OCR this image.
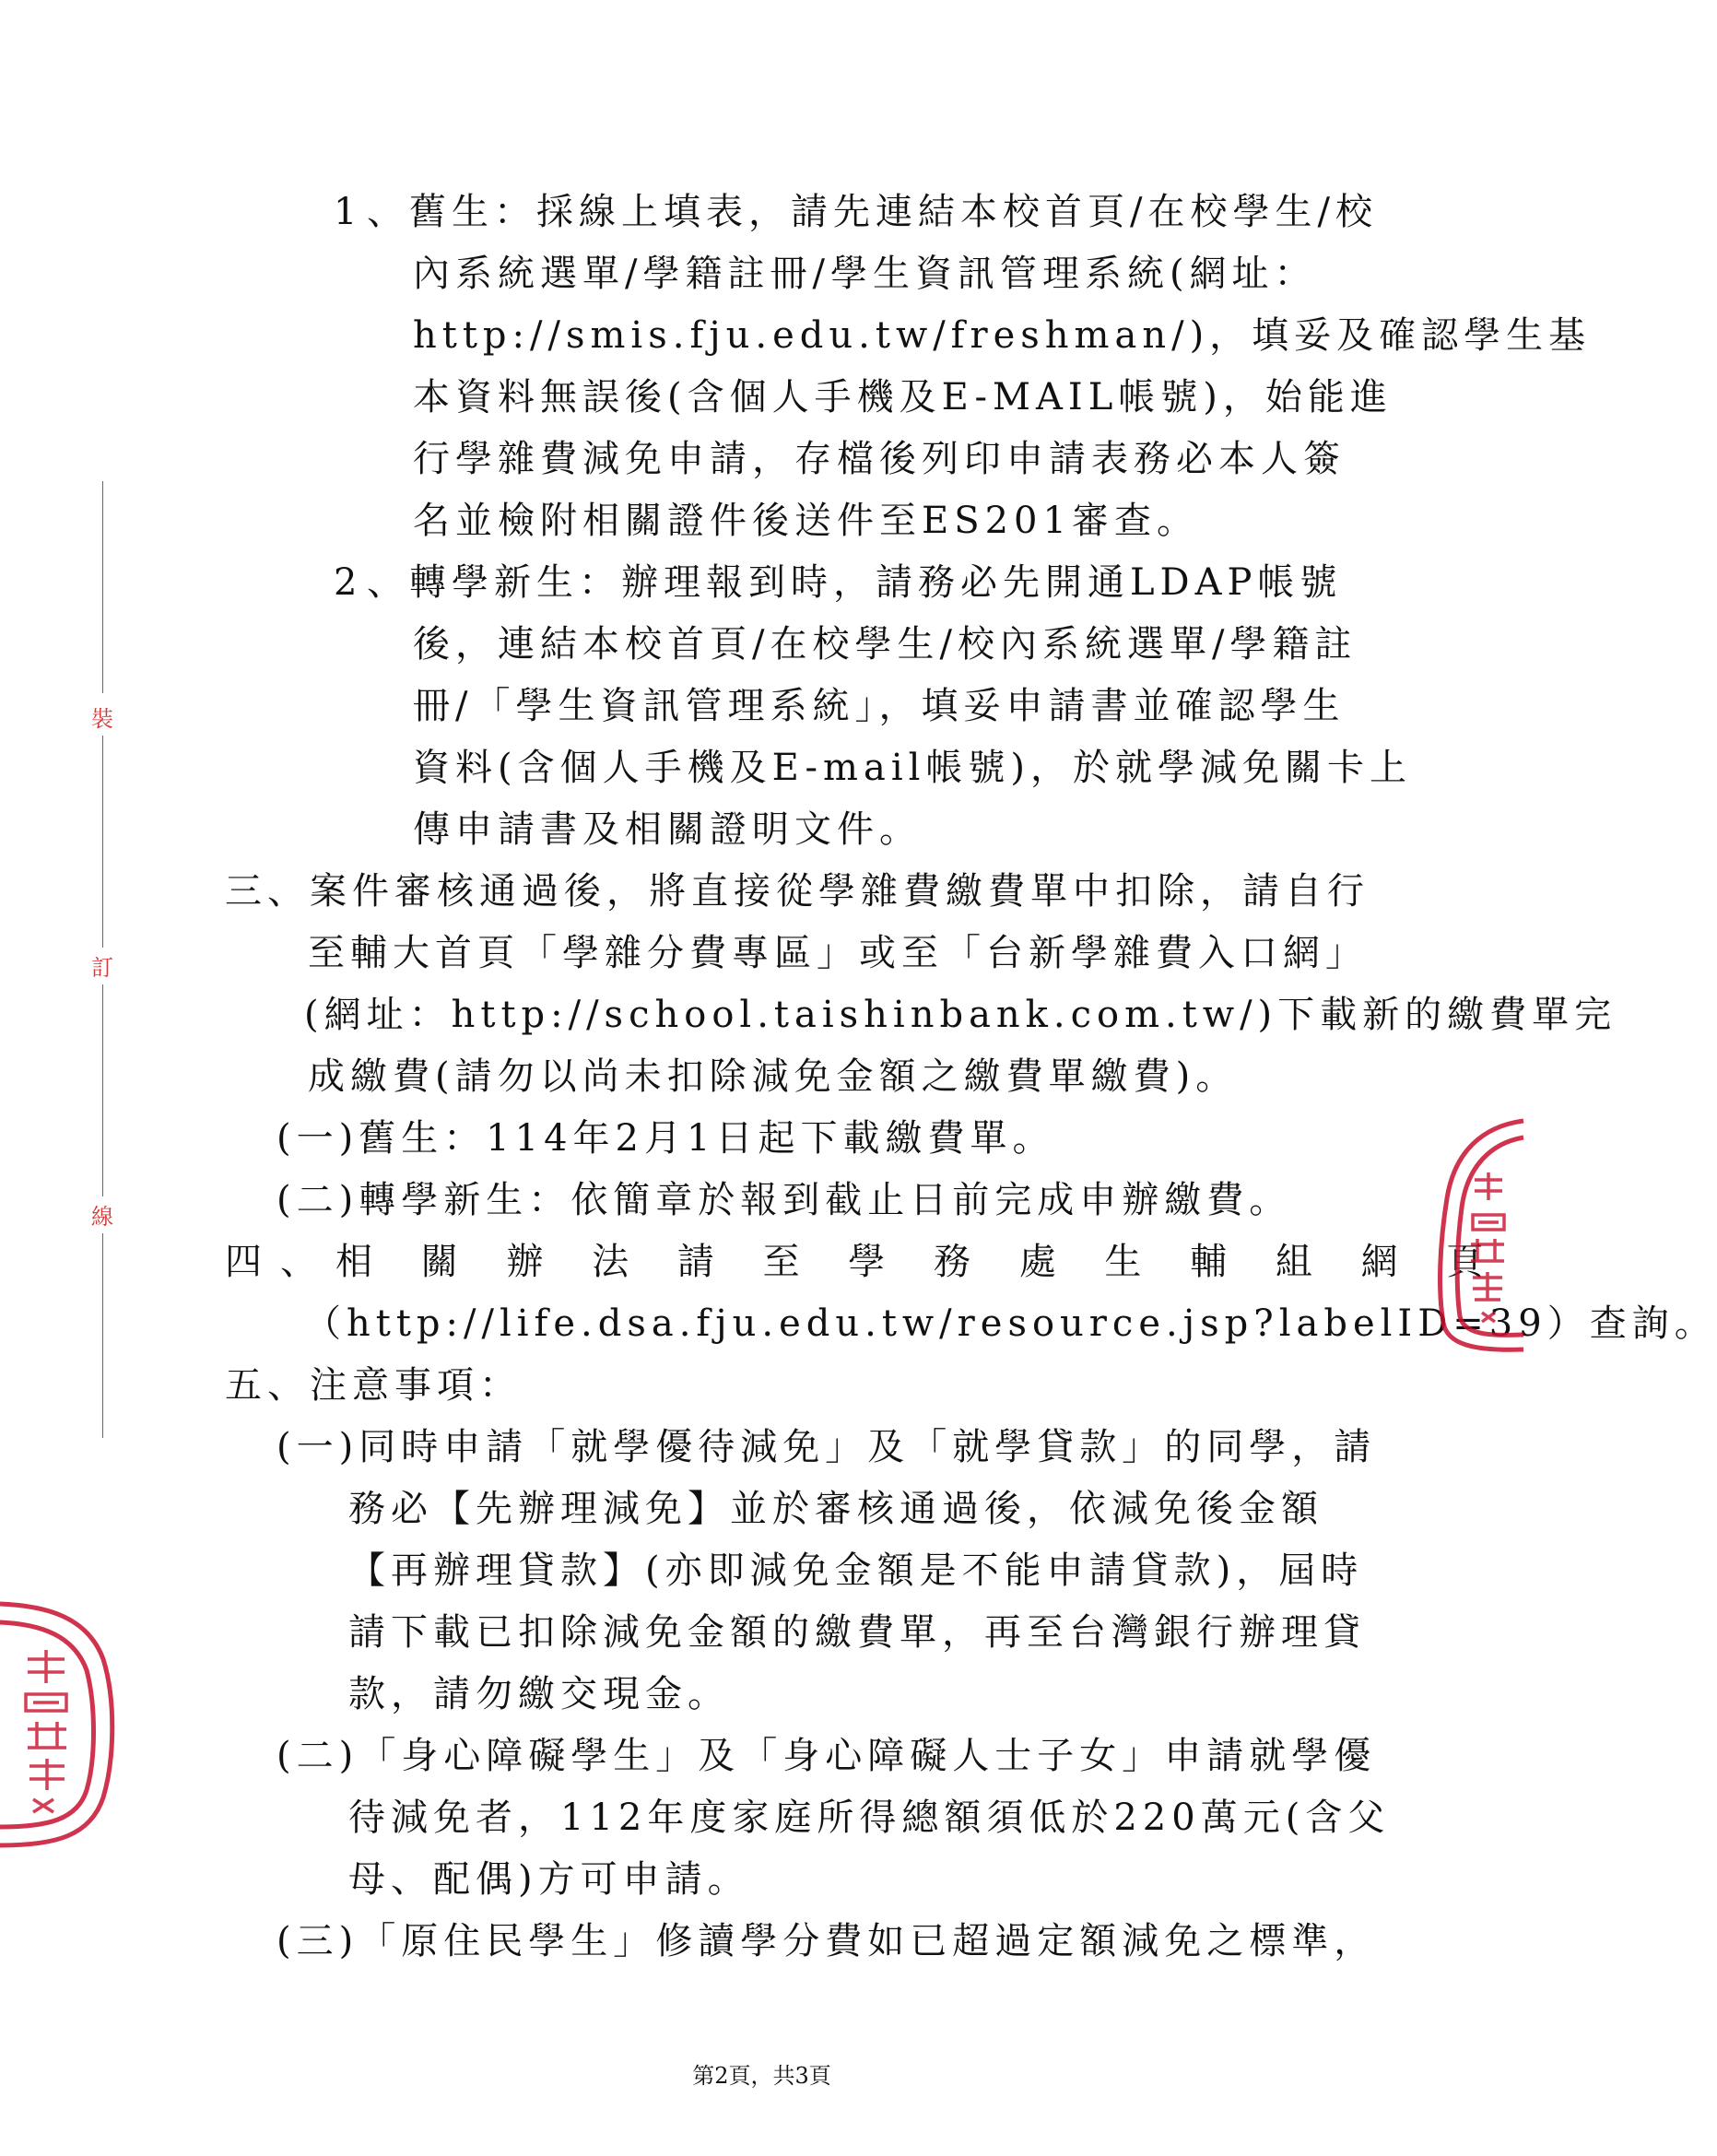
裝
訂
線
1 、舊生：採線上填表，請先連結本校首頁/在校學生/校
內系統選單/學籍註冊/學生資訊管理系統(網址：
http://smis.fju.edu.tw/freshman/)，填妥及確認學生基
本資料無誤後(含個人手機及E-MAIL帳號)，始能進
行學雜費減免申請，存檔後列印申請表務必本人簽
名並檢附相關證件後送件至ES201審查。
2 、轉學新生：辦理報到時，請務必先開通LDAP帳號
後，連結本校首頁/在校學生/校內系統選單/學籍註
冊/「學生資訊管理系統」，填妥申請書並確認學生
資料(含個人手機及E-mail帳號)，於就學減免關卡上
傳申請書及相關證明文件。
三、案件審核通過後，將直接從學雜費繳費單中扣除，請自行
至輔大首頁「學雜分費專區」或至「台新學雜費入口網」
(網址：http://school.taishinbank.com.tw/)下載新的繳費單完
成繳費(請勿以尚未扣除減免金額之繳費單繳費)。
(一)舊生：114年2月1日起下載繳費單。
(二)轉學新生：依簡章於報到截止日前完成申辦繳費。
四、相 關 辦 法 請 至 學 務 處 生 輔 組 網 頁
（http://life.dsa.fju.edu.tw/resource.jsp?labelID=39）查詢。
五、注意事項：
(一)同時申請「就學優待減免」及「就學貸款」的同學，請
務必【先辦理減免】並於審核通過後，依減免後金額
【再辦理貸款】(亦即減免金額是不能申請貸款)，屆時
請下載已扣除減免金額的繳費單，再至台灣銀行辦理貸
款，請勿繳交現金。
(二)「身心障礙學生」及「身心障礙人士子女」申請就學優
待減免者，112年度家庭所得總額須低於220萬元(含父
母、配偶)方可申請。
(三)「原住民學生」修讀學分費如已超過定額減免之標準，
第2頁，共3頁
